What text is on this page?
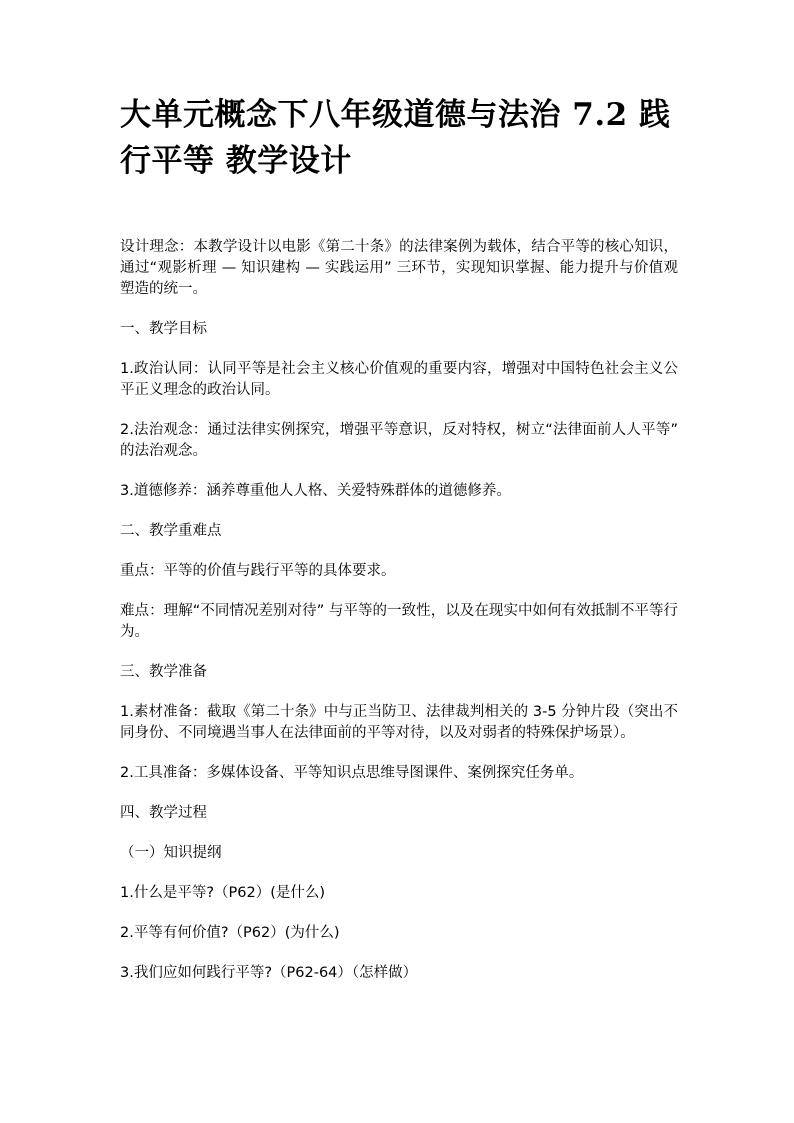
大单元概念下八年级道德与法治 7.2 践行平等 教学设计

设计理念：本教学设计以电影《第二十条》的法律案例为载体，结合平等的核心知识，通过“观影析理 — 知识建构 — 实践运用” 三环节，实现知识掌握、能力提升与价值观塑造的统一。

一、教学目标

1.政治认同：认同平等是社会主义核心价值观的重要内容，增强对中国特色社会主义公平正义理念的政治认同。

2.法治观念：通过法律实例探究，增强平等意识，反对特权，树立“法律面前人人平等” 的法治观念。

3.道德修养：涵养尊重他人人格、关爱特殊群体的道德修养。

二、教学重难点

重点：平等的价值与践行平等的具体要求。

难点：理解“不同情况差别对待” 与平等的一致性，以及在现实中如何有效抵制不平等行为。

三、教学准备

1.素材准备：截取《第二十条》中与正当防卫、法律裁判相关的 3-5 分钟片段（突出不同身份、不同境遇当事人在法律面前的平等对待，以及对弱者的特殊保护场景）。

2.工具准备：多媒体设备、平等知识点思维导图课件、案例探究任务单。

四、教学过程

（一）知识提纲

1.什么是平等?（P62）(是什么)

2.平等有何价值?（P62）(为什么)

3.我们应如何践行平等?（P62-64）（怎样做）
